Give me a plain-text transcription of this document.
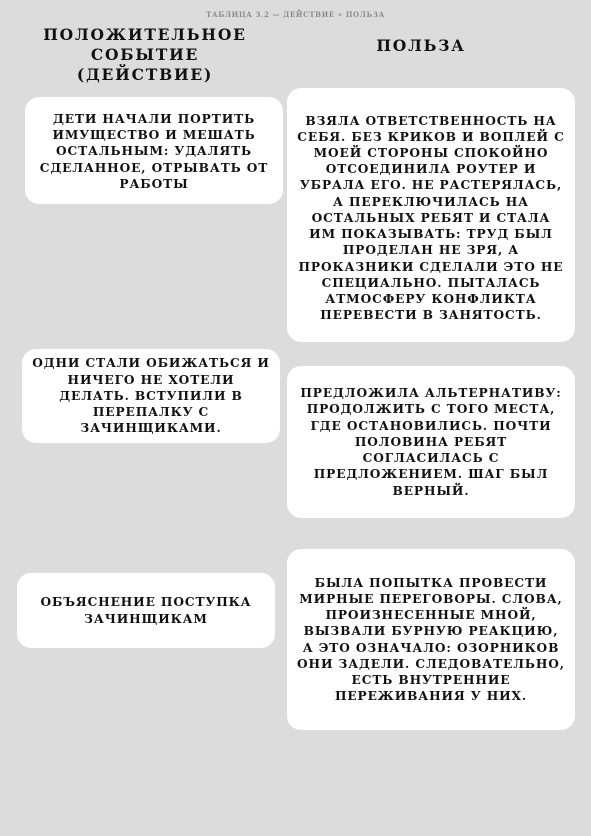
ТАБЛИЦА 3.2 — ДЕЙСТВИЕ « ПОЛЬЗА
ПОЛОЖИТЕЛЬНОЕ
СОБЫТИЕ
(ДЕЙСТВИЕ)
ПОЛЬЗА
ДЕТИ НАЧАЛИ ПОРТИТЬ ИМУЩЕСТВО И МЕШАТЬ ОСТАЛЬНЫМ: УДАЛЯТЬ СДЕЛАННОЕ, ОТРЫВАТЬ ОТ РАБОТЫ
ОДНИ СТАЛИ ОБИЖАТЬСЯ И НИЧЕГО НЕ ХОТЕЛИ ДЕЛАТЬ. ВСТУПИЛИ В ПЕРЕПАЛКУ С ЗАЧИНЩИКАМИ.
ОБЪЯСНЕНИЕ ПОСТУПКА ЗАЧИНЩИКАМ
ВЗЯЛА ОТВЕТСТВЕННОСТЬ НА СЕБЯ. БЕЗ КРИКОВ И ВОПЛЕЙ С МОЕЙ СТОРОНЫ СПОКОЙНО ОТСОЕДИНИЛА РОУТЕР И УБРАЛА ЕГО. НЕ РАСТЕРЯЛАСЬ, А ПЕРЕКЛЮЧИЛАСЬ НА ОСТАЛЬНЫХ РЕБЯТ И СТАЛА ИМ ПОКАЗЫВАТЬ: ТРУД БЫЛ ПРОДЕЛАН НЕ ЗРЯ, А ПРОКАЗНИКИ СДЕЛАЛИ ЭТО НЕ СПЕЦИАЛЬНО. ПЫТАЛАСЬ АТМОСФЕРУ КОНФЛИКТА ПЕРЕВЕСТИ В ЗАНЯТОСТЬ.
ПРЕДЛОЖИЛА АЛЬТЕРНАТИВУ: ПРОДОЛЖИТЬ С ТОГО МЕСТА, ГДЕ ОСТАНОВИЛИСЬ. ПОЧТИ ПОЛОВИНА РЕБЯТ СОГЛАСИЛАСЬ С ПРЕДЛОЖЕНИЕМ. ШАГ БЫЛ ВЕРНЫЙ.
БЫЛА ПОПЫТКА ПРОВЕСТИ МИРНЫЕ ПЕРЕГОВОРЫ. СЛОВА, ПРОИЗНЕСЕННЫЕ МНОЙ, ВЫЗВАЛИ БУРНУЮ РЕАКЦИЮ, А ЭТО ОЗНАЧАЛО: ОЗОРНИКОВ ОНИ ЗАДЕЛИ. СЛЕДОВАТЕЛЬНО, ЕСТЬ ВНУТРЕННИЕ ПЕРЕЖИВАНИЯ У НИХ.
